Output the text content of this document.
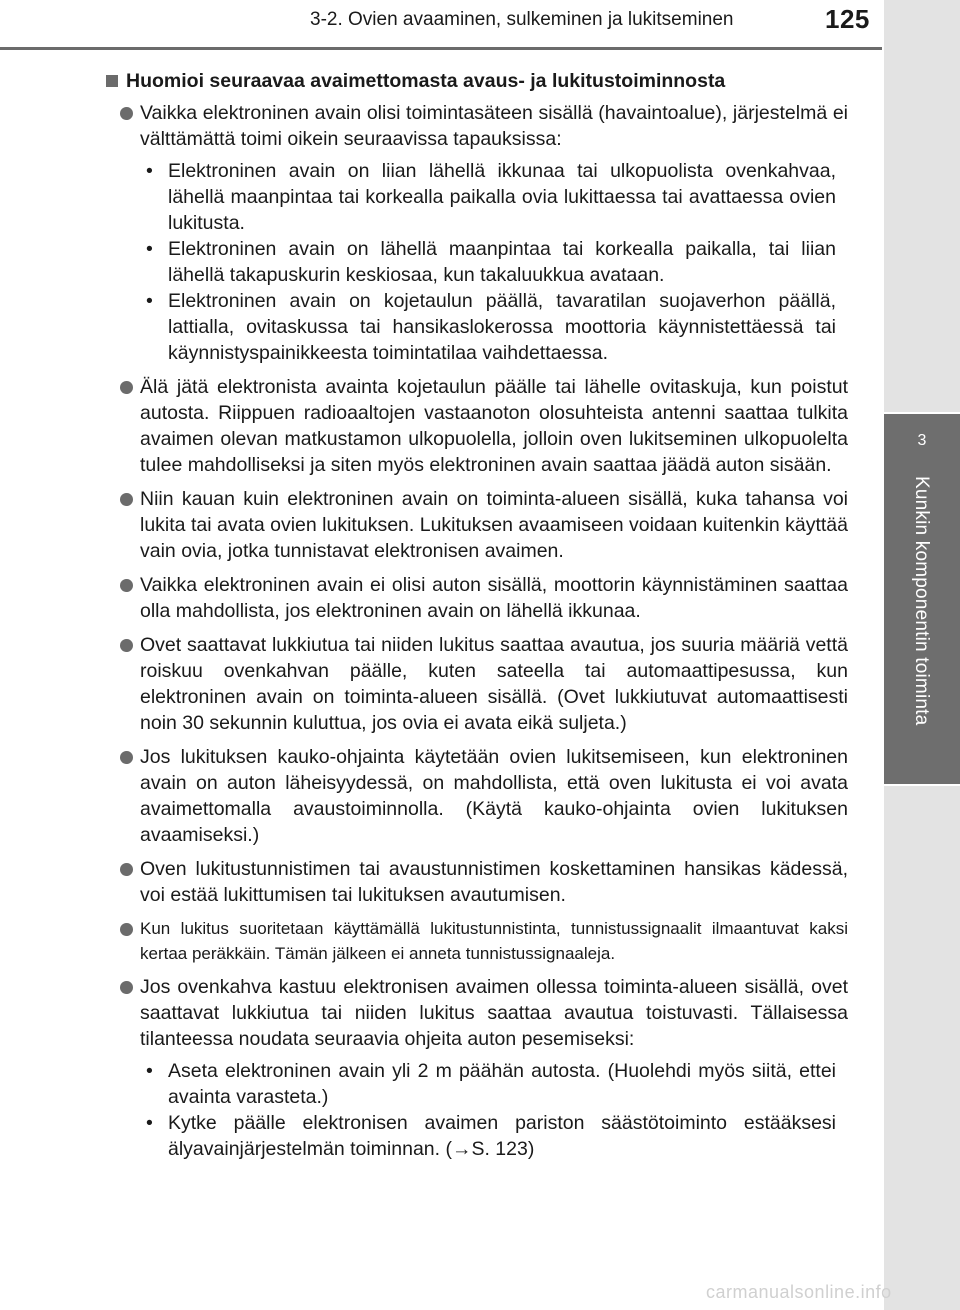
3-2. Ovien avaaminen, sulkeminen ja lukitseminen	125
3
Kunkin komponentin toiminta
Huomioi seuraavaa avaimettomasta avaus- ja lukitustoiminnosta
Vaikka elektroninen avain olisi toimintasäteen sisällä (havaintoalue), järjestelmä ei välttämättä toimi oikein seuraavissa tapauksissa:
• Elektroninen avain on liian lähellä ikkunaa tai ulkopuolista ovenkahvaa, lähellä maanpintaa tai korkealla paikalla ovia lukittaessa tai avattaessa ovien lukitusta.
• Elektroninen avain on lähellä maanpintaa tai korkealla paikalla, tai liian lähellä takapuskurin keskiosaa, kun takaluukkua avataan.
• Elektroninen avain on kojetaulun päällä, tavaratilan suojaverhon päällä, lattialla, ovitaskussa tai hansikaslokerossa moottoria käynnistettäessä tai käynnistyspainikkeesta toimintatilaa vaihdettaessa.
Älä jätä elektronista avainta kojetaulun päälle tai lähelle ovitaskuja, kun poistut autosta. Riippuen radioaaltojen vastaanoton olosuhteista antenni saattaa tulkita avaimen olevan matkustamon ulkopuolella, jolloin oven lukitseminen ulkopuolelta tulee mahdolliseksi ja siten myös elektroninen avain saattaa jäädä auton sisään.
Niin kauan kuin elektroninen avain on toiminta-alueen sisällä, kuka tahansa voi lukita tai avata ovien lukituksen. Lukituksen avaamiseen voidaan kuitenkin käyttää vain ovia, jotka tunnistavat elektronisen avaimen.
Vaikka elektroninen avain ei olisi auton sisällä, moottorin käynnistäminen saattaa olla mahdollista, jos elektroninen avain on lähellä ikkunaa.
Ovet saattavat lukkiutua tai niiden lukitus saattaa avautua, jos suuria määriä vettä roiskuu ovenkahvan päälle, kuten sateella tai automaattipesussa, kun elektroninen avain on toiminta-alueen sisällä. (Ovet lukkiutuvat automaattisesti noin 30 sekunnin kuluttua, jos ovia ei avata eikä suljeta.)
Jos lukituksen kauko-ohjainta käytetään ovien lukitsemiseen, kun elektroninen avain on auton läheisyydessä, on mahdollista, että oven lukitusta ei voi avata avaimettomalla avaustoiminnolla. (Käytä kauko-ohjainta ovien lukituksen avaamiseksi.)
Oven lukitustunnistimen tai avaustunnistimen koskettaminen hansikas kädessä, voi estää lukittumisen tai lukituksen avautumisen.
Kun lukitus suoritetaan käyttämällä lukitustunnistinta, tunnistussignaalit ilmaantuvat kaksi kertaa peräkkäin. Tämän jälkeen ei anneta tunnistussignaaleja.
Jos ovenkahva kastuu elektronisen avaimen ollessa toiminta-alueen sisällä, ovet saattavat lukkiutua tai niiden lukitus saattaa avautua toistuvasti. Tällaisessa tilanteessa noudata seuraavia ohjeita auton pesemiseksi:
• Aseta elektroninen avain yli 2 m päähän autosta. (Huolehdi myös siitä, ettei avainta varasteta.)
• Kytke päälle elektronisen avaimen pariston säästötoiminto estääksesi älyavainjärjestelmän toiminnan. (→S. 123)
carmanualsonline.info
